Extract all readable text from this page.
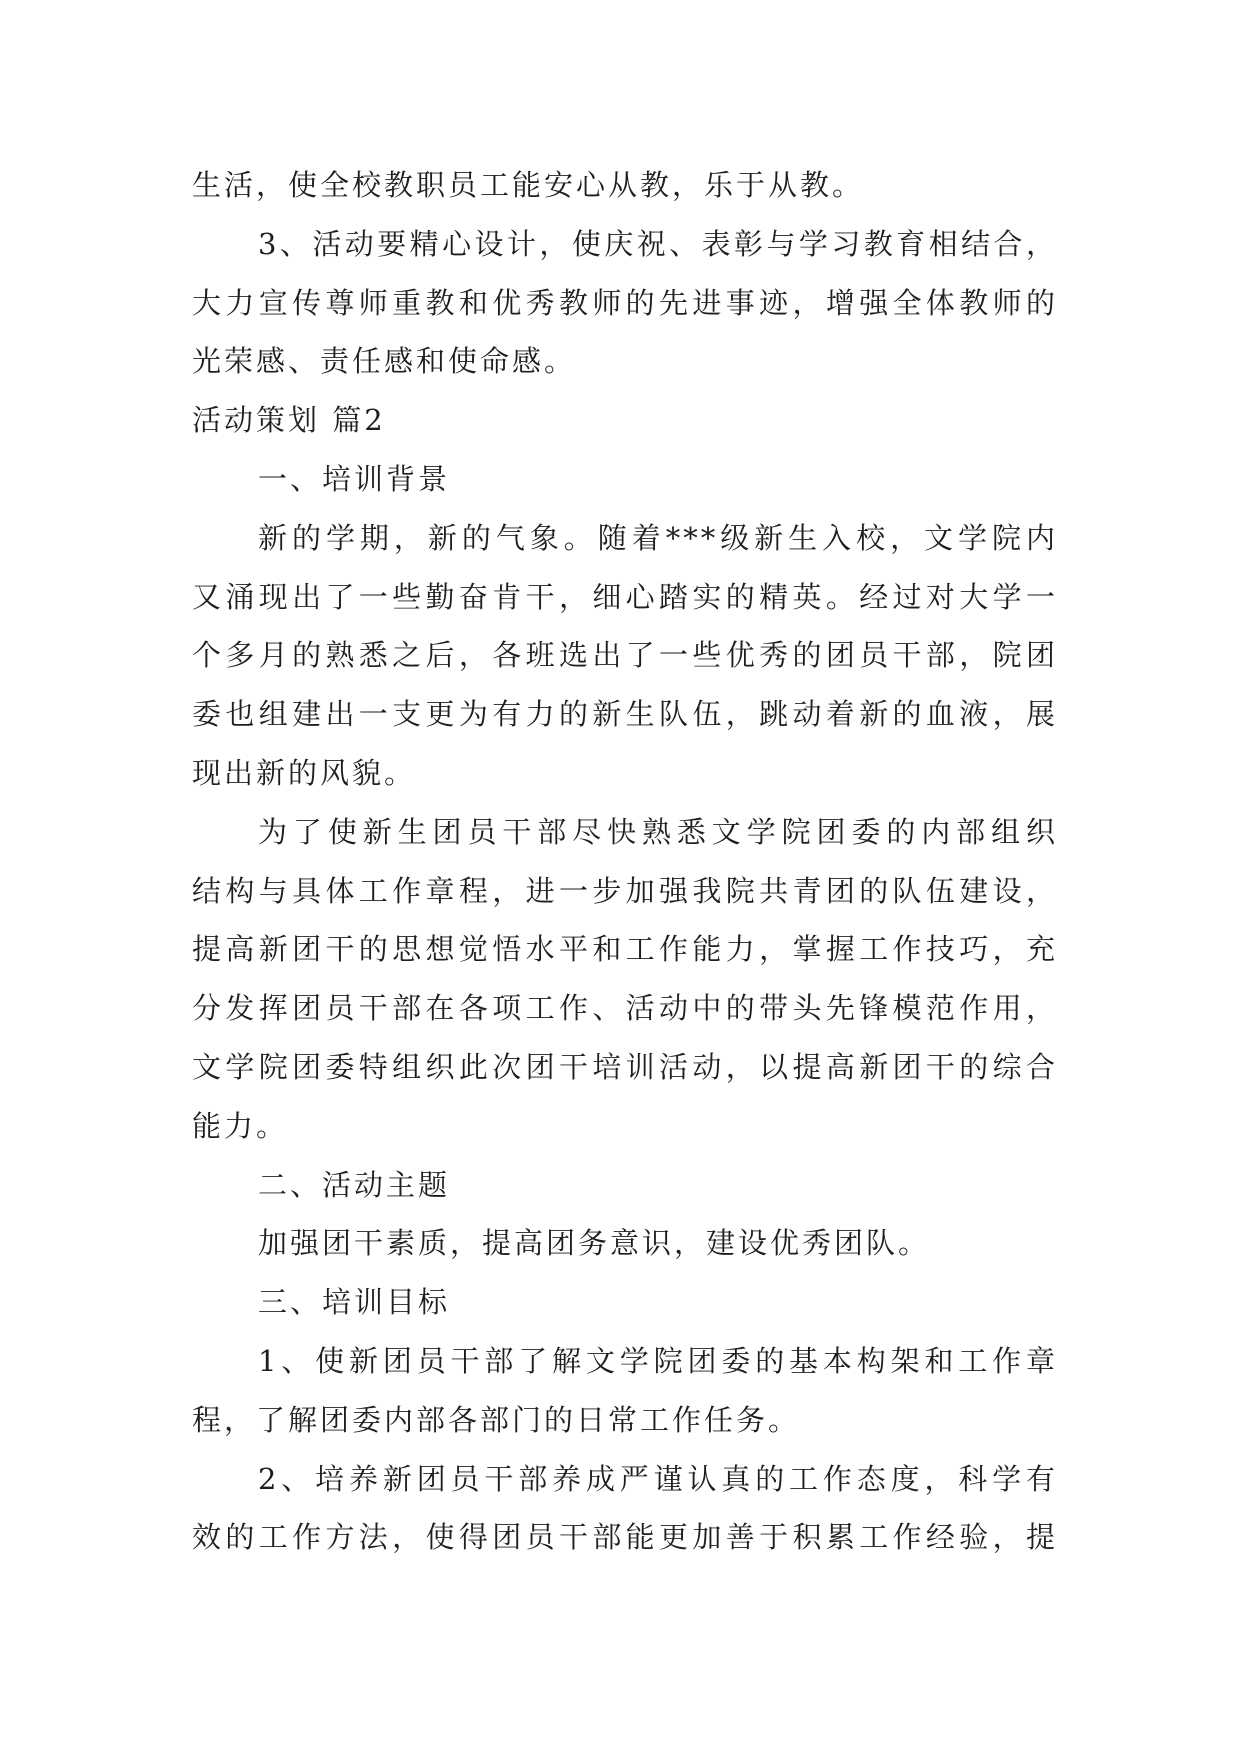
生活，使全校教职员工能安心从教，乐于从教。
3、活动要精心设计，使庆祝、表彰与学习教育相结合，
大力宣传尊师重教和优秀教师的先进事迹，增强全体教师的
光荣感、责任感和使命感。
活动策划 篇2
一、培训背景
新的学期，新的气象。随着***级新生入校，文学院内
又涌现出了一些勤奋肯干，细心踏实的精英。经过对大学一
个多月的熟悉之后，各班选出了一些优秀的团员干部，院团
委也组建出一支更为有力的新生队伍，跳动着新的血液，展
现出新的风貌。
为了使新生团员干部尽快熟悉文学院团委的内部组织
结构与具体工作章程，进一步加强我院共青团的队伍建设，
提高新团干的思想觉悟水平和工作能力，掌握工作技巧，充
分发挥团员干部在各项工作、活动中的带头先锋模范作用，
文学院团委特组织此次团干培训活动，以提高新团干的综合
能力。
二、活动主题
加强团干素质，提高团务意识，建设优秀团队。
三、培训目标
1、使新团员干部了解文学院团委的基本构架和工作章
程，了解团委内部各部门的日常工作任务。
2、培养新团员干部养成严谨认真的工作态度，科学有
效的工作方法，使得团员干部能更加善于积累工作经验，提
